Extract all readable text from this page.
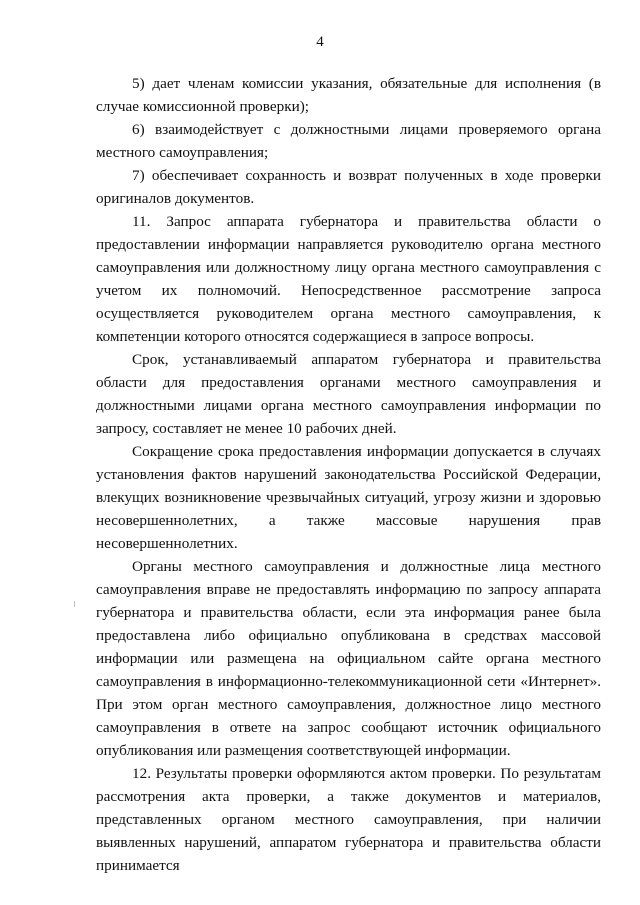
4

5) дает членам комиссии указания, обязательные для исполнения (в случае комиссионной проверки);

6) взаимодействует с должностными лицами проверяемого органа местного самоуправления;

7) обеспечивает сохранность и возврат полученных в ходе проверки оригиналов документов.

11. Запрос аппарата губернатора и правительства области о предоставлении информации направляется руководителю органа местного самоуправления или должностному лицу органа местного самоуправления с учетом их полномочий. Непосредственное рассмотрение запроса осуществляется руководителем органа местного самоуправления, к компетенции которого относятся содержащиеся в запросе вопросы.

Срок, устанавливаемый аппаратом губернатора и правительства области для предоставления органами местного самоуправления и должностными лицами органа местного самоуправления информации по запросу, составляет не менее 10 рабочих дней.

Сокращение срока предоставления информации допускается в случаях установления фактов нарушений законодательства Российской Федерации, влекущих возникновение чрезвычайных ситуаций, угрозу жизни и здоровью несовершеннолетних, а также массовые нарушения прав несовершеннолетних.

Органы местного самоуправления и должностные лица местного самоуправления вправе не предоставлять информацию по запросу аппарата губернатора и правительства области, если эта информация ранее была предоставлена либо официально опубликована в средствах массовой информации или размещена на официальном сайте органа местного самоуправления в информационно-телекоммуникационной сети «Интернет». При этом орган местного самоуправления, должностное лицо местного самоуправления в ответе на запрос сообщают источник официального опубликования или размещения соответствующей информации.

12. Результаты проверки оформляются актом проверки. По результатам рассмотрения акта проверки, а также документов и материалов, представленных органом местного самоуправления, при наличии выявленных нарушений, аппаратом губернатора и правительства области принимается
